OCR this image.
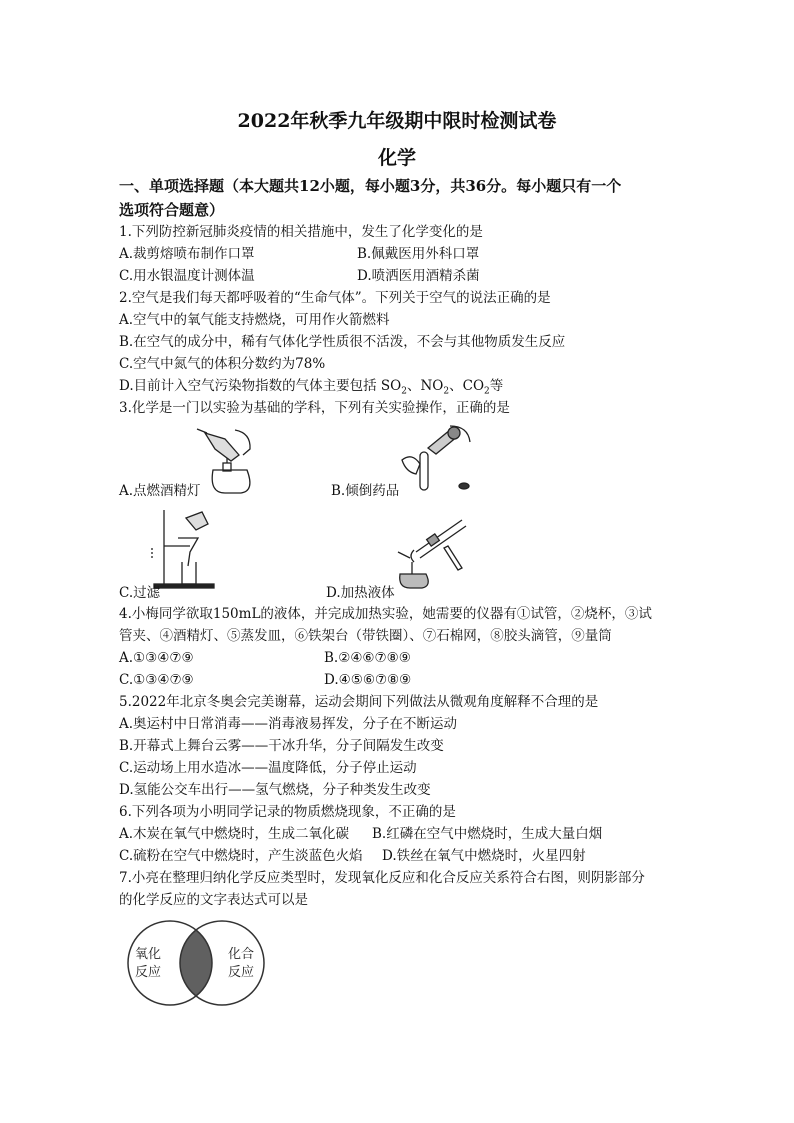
2022年秋季九年级期中限时检测试卷
化学
一、单项选择题（本大题共12小题，每小题3分，共36分。每小题只有一个
选项符合题意）
1.下列防控新冠肺炎疫情的相关措施中，发生了化学变化的是
A.裁剪熔喷布制作口罩	B.佩戴医用外科口罩
C.用水银温度计测体温	D.喷洒医用酒精杀菌
2.空气是我们每天都呼吸着的“生命气体”。下列关于空气的说法正确的是
A.空气中的氧气能支持燃烧，可用作火箭燃料
B.在空气的成分中，稀有气体化学性质很不活泼，不会与其他物质发生反应
C.空气中氮气的体积分数约为78%
D.目前计入空气污染物指数的气体主要包括 $SO_2$、$NO_2$、$CO_2$等
3.化学是一门以实验为基础的学科，下列有关实验操作，正确的是
A.点燃酒精灯	B.倾倒药品
C.过滤	D.加热液体
4.小梅同学欲取150mL的液体，并完成加热实验，她需要的仪器有①试管，②烧杯，③试
管夹、④酒精灯、⑤蒸发皿，⑥铁架台（带铁圈）、⑦石棉网，⑧胶头滴管，⑨量筒
A.①③④⑦⑨	B.②④⑥⑦⑧⑨
C.①③④⑦⑨	D.④⑤⑥⑦⑧⑨
5.2022年北京冬奥会完美谢幕，运动会期间下列做法从微观角度解释不合理的是
A.奥运村中日常消毒——消毒液易挥发，分子在不断运动
B.开幕式上舞台云雾——干冰升华，分子间隔发生改变
C.运动场上用水造冰——温度降低，分子停止运动
D.氢能公交车出行——氢气燃烧，分子种类发生改变
6.下列各项为小明同学记录的物质燃烧现象，不正确的是
A.木炭在氧气中燃烧时，生成二氧化碳 B.红磷在空气中燃烧时，生成大量白烟
C.硫粉在空气中燃烧时，产生淡蓝色火焰 D.铁丝在氧气中燃烧时，火星四射
7.小亮在整理归纳化学反应类型时，发现氧化反应和化合反应关系符合右图，则阴影部分
的化学反应的文字表达式可以是
氧化
反应
化合
反应
